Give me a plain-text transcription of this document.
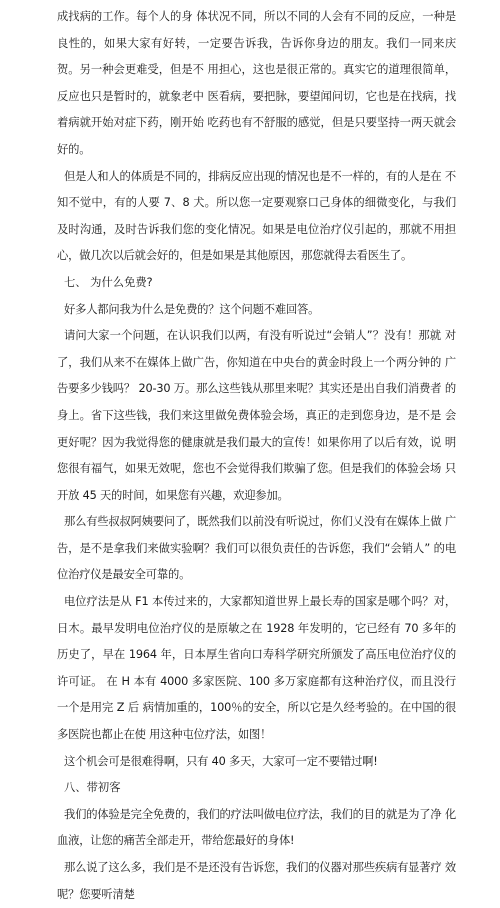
成找病的工作。每个人的身 体状况不同，所以不同的人会有不同的反应，一种是良性的，如果大家有好转，一定要告诉我，告诉你身边的朋友。我们一同来庆贺。另一种会更难受，但是不 用担心，这也是很正常的。真实它的道理很简单，反应也只是暂时的，就象老中 医看病，要把脉，要望闻问切，它也是在找病，找着病就开始对症下药，刚开始 吃药也有不舒服的感觉，但是只要坚持一两天就会好的。

但是人和人的体质是不同的，排病反应出现的情况也是不一样的，有的人是在 不知不觉中，有的人要 7、8 犬。所以您一定要观察口己身体的细微变化，与我们 及时沟通，及时告诉我们您的变化情况。如果是电位治疗仪引起的，那就不用担 心，做几次以后就会好的，但是如果是其他原因，那您就得去看医生了。

七、 为什么免费?

好多人都问我为什么是免费的？这个问题不难回答。

请问大家一个问题，在认识我们以两，有没有听说过“会销人”？没有！那就 对了，我们从来不在媒体上做广告，你知道在中央台的黄金时段上一个两分钟的 广告要多少钱吗？ 20-30 万。那么这些钱从那里来呢？其实还是出自我们消费者 的身上。省下这些钱，我们来这里做免费体验会场，真正的走到您身边，是不是 会更好呢？因为我觉得您的健康就是我们最大的宣传！如果你用了以后有效，说 明您很有福气，如果无效呢，您也不会觉得我们欺骗了您。但是我们的体验会场 只开放 45 天的时间，如果您有兴趣，欢迎参加。

那么有些叔叔阿姨要问了，既然我们以前没有听说过，你们乂没有在媒体上做 广告，是不是拿我们来做实验啊？我们可以很负责任的告诉您，我们“会销人” 的电位治疗仪是最安全可靠的。

电位疗法是从 F1 本传过来的，大家都知道世界上最长寿的国家是哪个吗？对， 日木。最早发明电位治疗仪的是原敏之在 1928 年发明的，它已经有 70 多年的历史了，早在 1964 年，日本厚生省向口寿科学研究所颁发了高压电位治疗仪的许可证。 在 H 本有 4000 多家医院、100 多万家庭都有这种治疗仪，而且没行一个是用完 Z 后 病情加重的，100％的安全，所以它是久经考验的。在中国的很多医院也都止在使 用这种屯位疗法，如图！

这个机会可是很难得啊，只有 40 多天，大家可一定不要错过啊!

八、带初客

我们的体验是完全免费的，我们的疗法叫做电位疗法，我们的目的就是为了净 化血液，让您的痛苦全部走开，带给您最好的身体!

那么说了这么多，我们是不是还没有告诉您，我们的仪器对那些疾病有显著疗 效呢？您要听清楚
